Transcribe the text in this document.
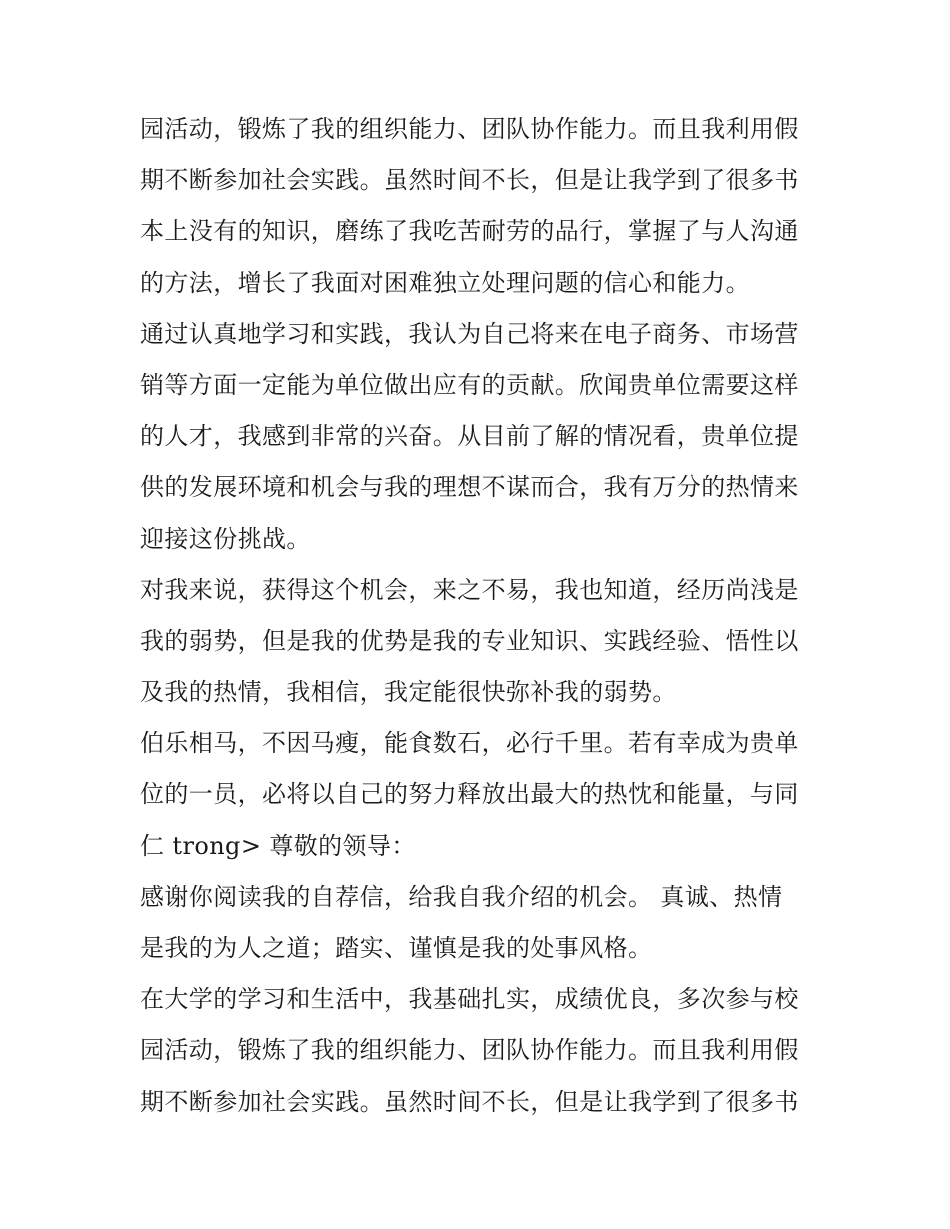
园活动，锻炼了我的组织能力、团队协作能力。而且我利用假
期不断参加社会实践。虽然时间不长，但是让我学到了很多书
本上没有的知识，磨练了我吃苦耐劳的品行，掌握了与人沟通
的方法，增长了我面对困难独立处理问题的信心和能力。
通过认真地学习和实践，我认为自己将来在电子商务、市场营
销等方面一定能为单位做出应有的贡献。欣闻贵单位需要这样
的人才，我感到非常的兴奋。从目前了解的情况看，贵单位提
供的发展环境和机会与我的理想不谋而合，我有万分的热情来
迎接这份挑战。
对我来说，获得这个机会，来之不易，我也知道，经历尚浅是
我的弱势，但是我的优势是我的专业知识、实践经验、悟性以
及我的热情，我相信，我定能很快弥补我的弱势。
伯乐相马，不因马瘦，能食数石，必行千里。若有幸成为贵单
位的一员，必将以自己的努力释放出最大的热忱和能量，与同
仁 trong> 尊敬的领导：
感谢你阅读我的自荐信，给我自我介绍的机会。 真诚、热情
是我的为人之道；踏实、谨慎是我的处事风格。
在大学的学习和生活中，我基础扎实，成绩优良，多次参与校
园活动，锻炼了我的组织能力、团队协作能力。而且我利用假
期不断参加社会实践。虽然时间不长，但是让我学到了很多书
